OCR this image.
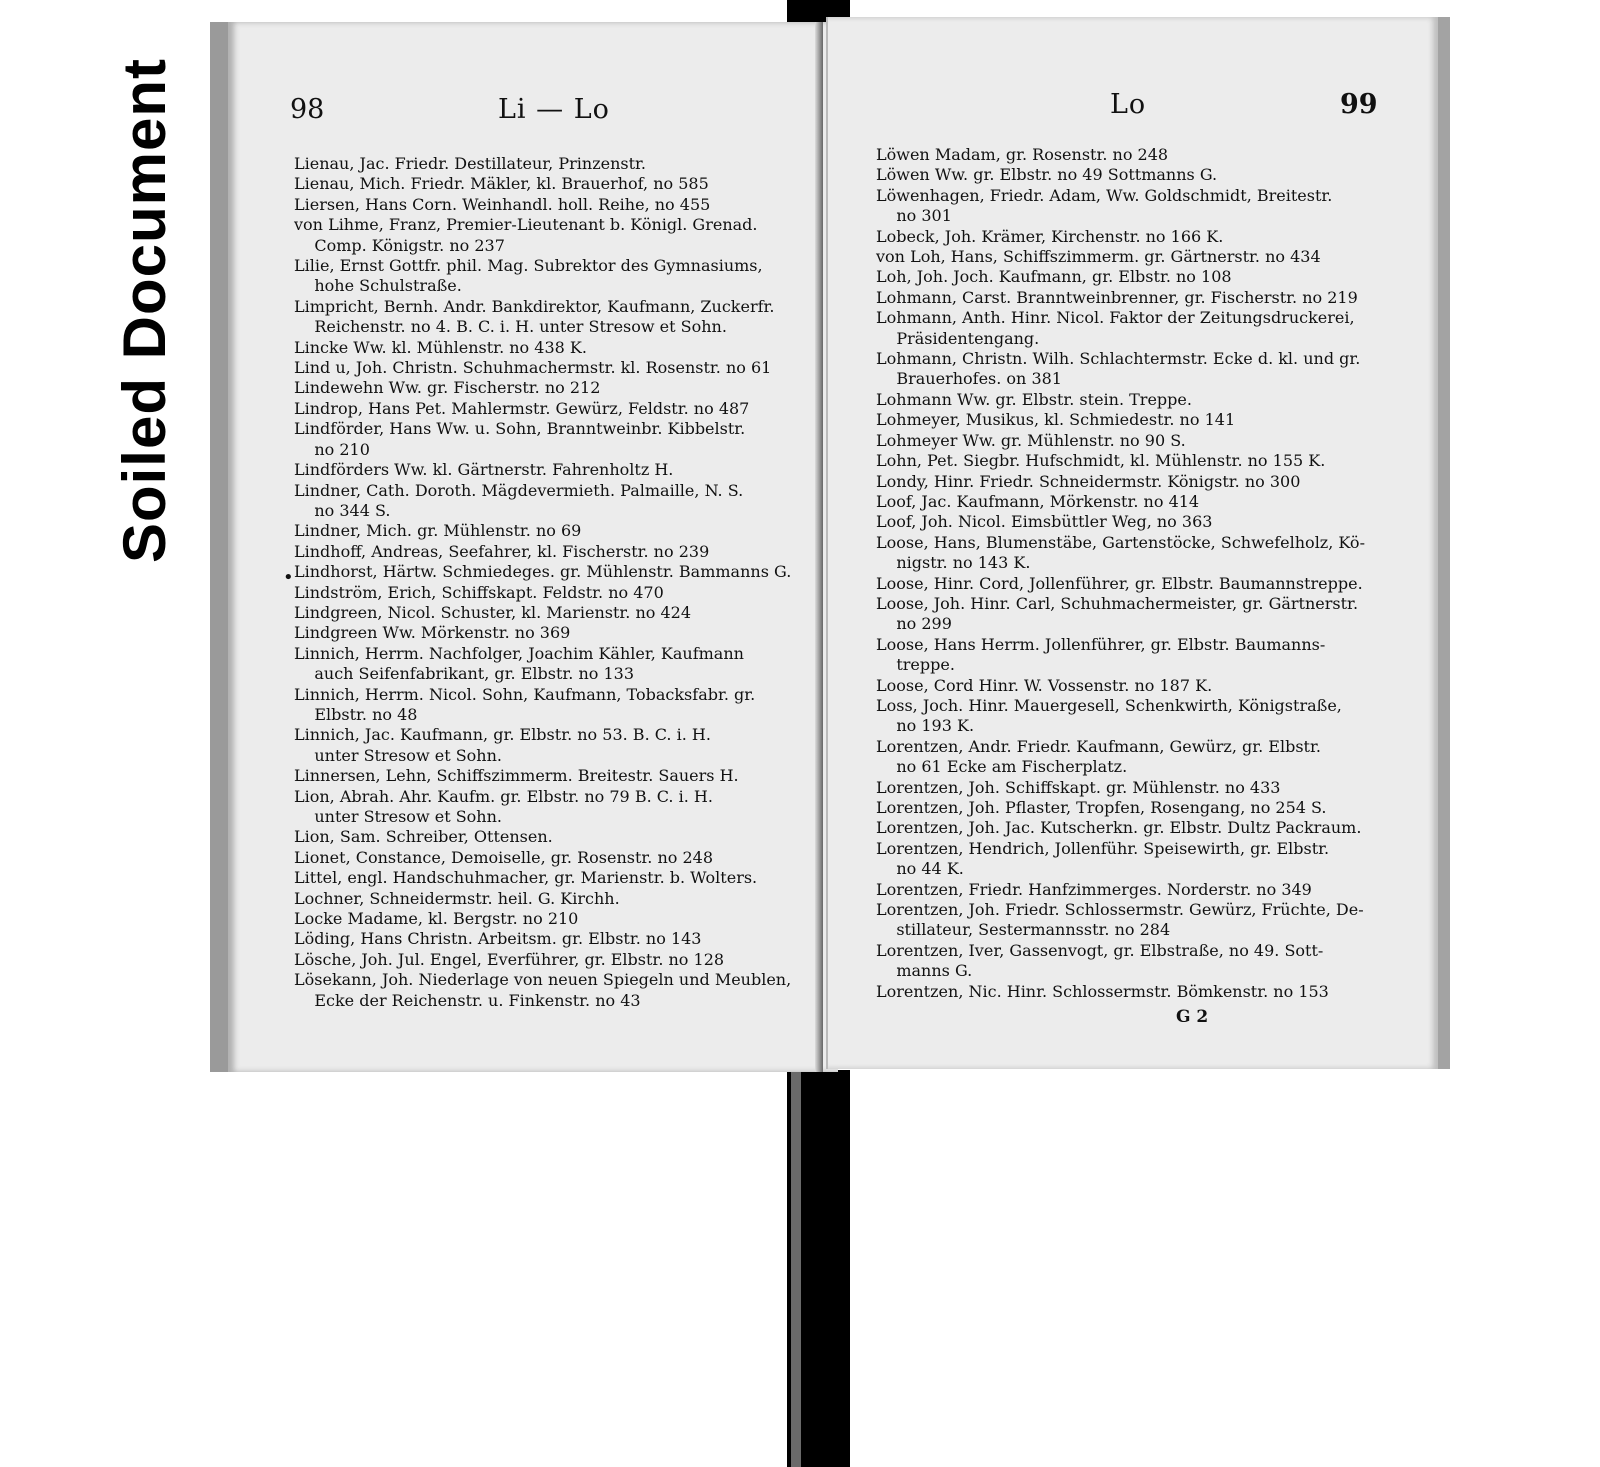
Soiled Document	98	Li — Lo
•
Lienau, Jac. Friedr. Destillateur, Prinzenstr.
Lienau, Mich. Friedr. Mäkler, kl. Brauerhof, no 585
Liersen, Hans Corn. Weinhandl. holl. Reihe, no 455
von Lihme, Franz, Premier-Lieutenant b. Königl. Grenad.
Comp. Königstr. no 237
Lilie, Ernst Gottfr. phil. Mag. Subrektor des Gymnasiums,
hohe Schulstraße.
Limpricht, Bernh. Andr. Bankdirektor, Kaufmann, Zuckerfr.
Reichenstr. no 4. B. C. i. H. unter Stresow et Sohn.
Lincke Ww. kl. Mühlenstr. no 438 K.
Lind u, Joh. Christn. Schuhmachermstr. kl. Rosenstr. no 61
Lindewehn Ww. gr. Fischerstr. no 212
Lindrop, Hans Pet. Mahlermstr. Gewürz, Feldstr. no 487
Lindförder, Hans Ww. u. Sohn, Branntweinbr. Kibbelstr.
no 210
Lindförders Ww. kl. Gärtnerstr. Fahrenholtz H.
Lindner, Cath. Doroth. Mägdevermieth. Palmaille, N. S.
no 344 S.
Lindner, Mich. gr. Mühlenstr. no 69
Lindhoff, Andreas, Seefahrer, kl. Fischerstr. no 239
Lindhorst, Härtw. Schmiedeges. gr. Mühlenstr. Bammanns G.
Lindström, Erich, Schiffskapt. Feldstr. no 470
Lindgreen, Nicol. Schuster, kl. Marienstr. no 424
Lindgreen Ww. Mörkenstr. no 369
Linnich, Herrm. Nachfolger, Joachim Kähler, Kaufmann
auch Seifenfabrikant, gr. Elbstr. no 133
Linnich, Herrm. Nicol. Sohn, Kaufmann, Tobacksfabr. gr.
Elbstr. no 48
Linnich, Jac. Kaufmann, gr. Elbstr. no 53. B. C. i. H.
unter Stresow et Sohn.
Linnersen, Lehn, Schiffszimmerm. Breitestr. Sauers H.
Lion, Abrah. Ahr. Kaufm. gr. Elbstr. no 79 B. C. i. H.
unter Stresow et Sohn.
Lion, Sam. Schreiber, Ottensen.
Lionet, Constance, Demoiselle, gr. Rosenstr. no 248
Littel, engl. Handschuhmacher, gr. Marienstr. b. Wolters.
Lochner, Schneidermstr. heil. G. Kirchh.
Locke Madame, kl. Bergstr. no 210
Löding, Hans Christn. Arbeitsm. gr. Elbstr. no 143
Lösche, Joh. Jul. Engel, Everführer, gr. Elbstr. no 128
Lösekann, Joh. Niederlage von neuen Spiegeln und Meublen,
Ecke der Reichenstr. u. Finkenstr. no 43
Lo	99
Löwen Madam, gr. Rosenstr. no 248
Löwen Ww. gr. Elbstr. no 49 Sottmanns G.
Löwenhagen, Friedr. Adam, Ww. Goldschmidt, Breitestr.
no 301
Lobeck, Joh. Krämer, Kirchenstr. no 166 K.
von Loh, Hans, Schiffszimmerm. gr. Gärtnerstr. no 434
Loh, Joh. Joch. Kaufmann, gr. Elbstr. no 108
Lohmann, Carst. Branntweinbrenner, gr. Fischerstr. no 219
Lohmann, Anth. Hinr. Nicol. Faktor der Zeitungsdruckerei,
Präsidentengang.
Lohmann, Christn. Wilh. Schlachtermstr. Ecke d. kl. und gr.
Brauerhofes. on 381
Lohmann Ww. gr. Elbstr. stein. Treppe.
Lohmeyer, Musikus, kl. Schmiedestr. no 141
Lohmeyer Ww. gr. Mühlenstr. no 90 S.
Lohn, Pet. Siegbr. Hufschmidt, kl. Mühlenstr. no 155 K.
Londy, Hinr. Friedr. Schneidermstr. Königstr. no 300
Loof, Jac. Kaufmann, Mörkenstr. no 414
Loof, Joh. Nicol. Eimsbüttler Weg, no 363
Loose, Hans, Blumenstäbe, Gartenstöcke, Schwefelholz, Kö-
nigstr. no 143 K.
Loose, Hinr. Cord, Jollenführer, gr. Elbstr. Baumannstreppe.
Loose, Joh. Hinr. Carl, Schuhmachermeister, gr. Gärtnerstr.
no 299
Loose, Hans Herrm. Jollenführer, gr. Elbstr. Baumanns-
treppe.
Loose, Cord Hinr. W. Vossenstr. no 187 K.
Loss, Joch. Hinr. Mauergesell, Schenkwirth, Königstraße,
no 193 K.
Lorentzen, Andr. Friedr. Kaufmann, Gewürz, gr. Elbstr.
no 61 Ecke am Fischerplatz.
Lorentzen, Joh. Schiffskapt. gr. Mühlenstr. no 433
Lorentzen, Joh. Pflaster, Tropfen, Rosengang, no 254 S.
Lorentzen, Joh. Jac. Kutscherkn. gr. Elbstr. Dultz Packraum.
Lorentzen, Hendrich, Jollenführ. Speisewirth, gr. Elbstr.
no 44 K.
Lorentzen, Friedr. Hanfzimmerges. Norderstr. no 349
Lorentzen, Joh. Friedr. Schlossermstr. Gewürz, Früchte, De-
stillateur, Sestermannsstr. no 284
Lorentzen, Iver, Gassenvogt, gr. Elbstraße, no 49. Sott-
manns G.
Lorentzen, Nic. Hinr. Schlossermstr. Bömkenstr. no 153
G 2
